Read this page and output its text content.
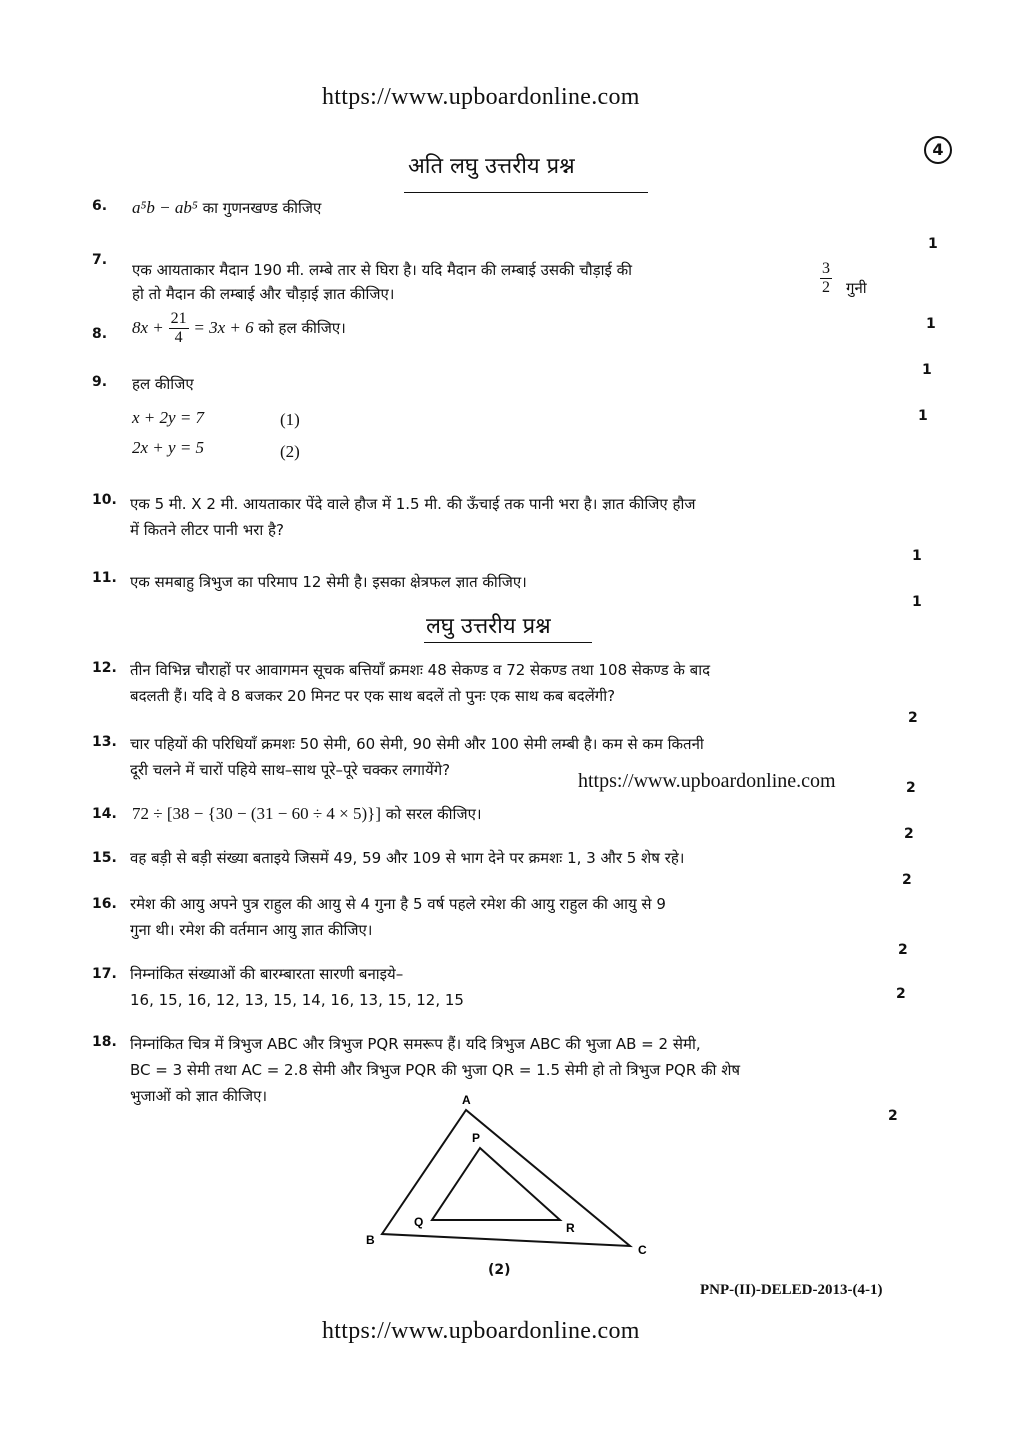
https://www.upboardonline.com
4
अति लघु उत्तरीय प्रश्न
6. a⁵b − ab⁵ का गुणनखण्ड कीजिए
1
7.
एक आयताकार मैदान 190 मी. लम्बे तार से घिरा है। यदि मैदान की लम्बाई उसकी चौड़ाई की	$\frac{3}{2}$ गुनी
हो तो मैदान की लम्बाई और चौड़ाई ज्ञात कीजिए।
1
8. $8x + \frac{21}{4} = 3x + 6$ को हल कीजिए।
1
9. हल कीजिए
x + 2y = 7	(1)
2x + y = 5	(2)
1
10. एक 5 मी. X 2 मी. आयताकार पेंदे वाले हौज में 1.5 मी. की ऊँचाई तक पानी भरा है। ज्ञात कीजिए हौज
में कितने लीटर पानी भरा है?
1
11. एक समबाहु त्रिभुज का परिमाप 12 सेमी है। इसका क्षेत्रफल ज्ञात कीजिए।
1
लघु उत्तरीय प्रश्न
12. तीन विभिन्न चौराहों पर आवागमन सूचक बत्तियाँ क्रमशः 48 सेकण्ड व 72 सेकण्ड तथा 108 सेकण्ड के बाद
बदलती हैं। यदि वे 8 बजकर 20 मिनट पर एक साथ बदलें तो पुनः एक साथ कब बदलेंगी?
2
13. चार पहियों की परिधियाँ क्रमशः 50 सेमी, 60 सेमी, 90 सेमी और 100 सेमी लम्बी है। कम से कम कितनी
दूरी चलने में चारों पहिये साथ–साथ पूरे–पूरे चक्कर लगायेंगे?	https://www.upboardonline.com	2
14. 72 ÷ [38 − {30 − (31 − 60 ÷ 4 × 5)}] को सरल कीजिए।
2
15. वह बड़ी से बड़ी संख्या बताइये जिसमें 49, 59 और 109 से भाग देने पर क्रमशः 1, 3 और 5 शेष रहे।
2
16. रमेश की आयु अपने पुत्र राहुल की आयु से 4 गुना है 5 वर्ष पहले रमेश की आयु राहुल की आयु से 9
गुना थी। रमेश की वर्तमान आयु ज्ञात कीजिए।
2
17. निम्नांकित संख्याओं की बारम्बारता सारणी बनाइये–
16, 15, 16, 12, 13, 15, 14, 16, 13, 15, 12, 15	2
18. निम्नांकित चित्र में त्रिभुज ABC और त्रिभुज PQR समरूप हैं। यदि त्रिभुज ABC की भुजा AB = 2 सेमी,
BC = 3 सेमी तथा AC = 2.8 सेमी और त्रिभुज PQR की भुजा QR = 1.5 सेमी हो तो त्रिभुज PQR की शेष
भुजाओं को ज्ञात कीजिए।
2
A
B
C
P
Q	R
(2)
PNP-(II)-DELED-2013-(4-1)
https://www.upboardonline.com
